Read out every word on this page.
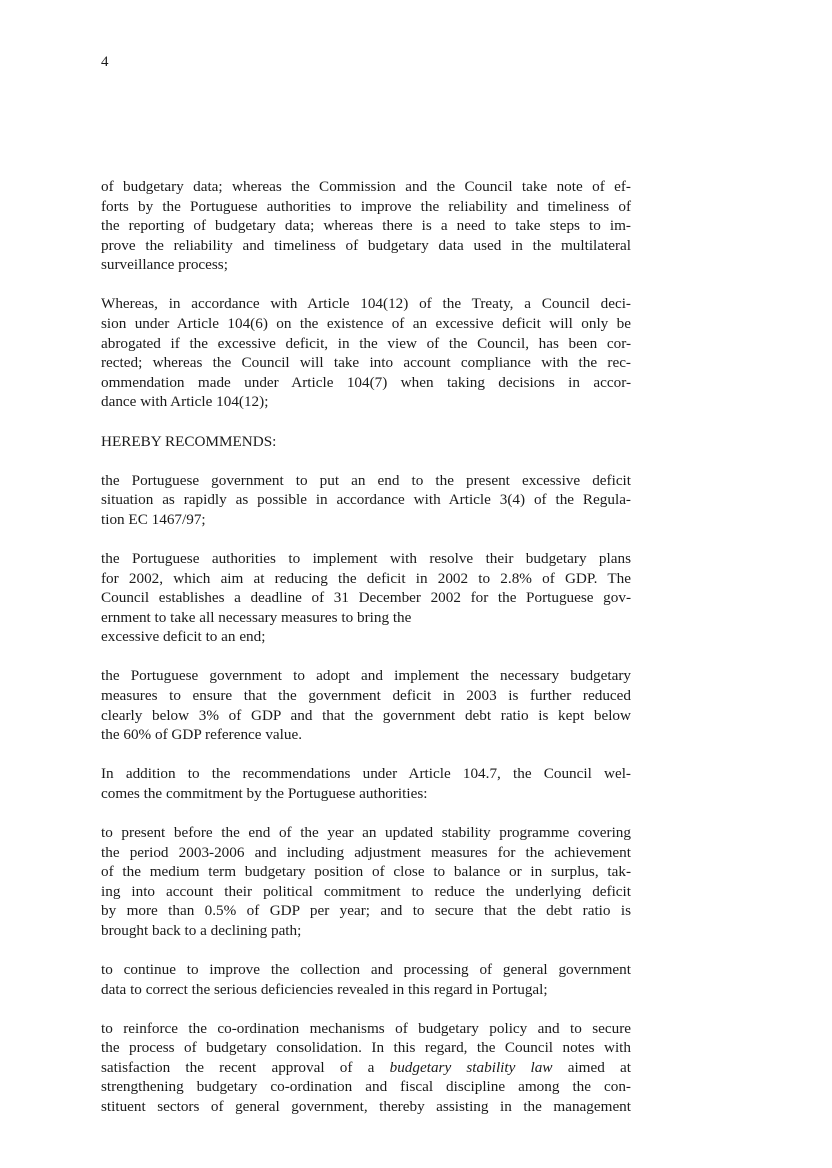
4
of budgetary data; whereas the Commission and the Council take note of ef-
forts by the Portuguese authorities to improve the reliability and timeliness of
the reporting of budgetary data; whereas there is a need to take steps to im-
prove the reliability and timeliness of budgetary data used in the multilateral
surveillance process;
Whereas, in accordance with Article 104(12) of the Treaty, a Council deci-
sion under Article 104(6) on the existence of an excessive deficit will only be
abrogated if the excessive deficit, in the view of the Council, has been cor-
rected; whereas the Council will take into account compliance with the rec-
ommendation made under Article 104(7) when taking decisions in accor-
dance with Article 104(12);
HEREBY RECOMMENDS:
the Portuguese government to put an end to the present excessive deficit
situation as rapidly as possible in accordance with Article 3(4) of the Regula-
tion EC 1467/97;
the Portuguese authorities to implement with resolve their budgetary plans
for 2002, which aim at reducing the deficit in 2002 to 2.8% of GDP. The
Council establishes a deadline of 31 December 2002 for the Portuguese gov-
ernment to take all necessary measures to bring the
excessive deficit to an end;
the Portuguese government to adopt and implement the necessary budgetary
measures to ensure that the government deficit in 2003 is further reduced
clearly below 3% of GDP and that the government debt ratio is kept below
the 60% of GDP reference value.
In addition to the recommendations under Article 104.7, the Council wel-
comes the commitment by the Portuguese authorities:
to present before the end of the year an updated stability programme covering
the period 2003-2006 and including adjustment measures for the achievement
of the medium term budgetary position of close to balance or in surplus, tak-
ing into account their political commitment to reduce the underlying deficit
by more than 0.5% of GDP per year; and to secure that the debt ratio is
brought back to a declining path;
to continue to improve the collection and processing of general government
data to correct the serious deficiencies revealed in this regard in Portugal;
to reinforce the co-ordination mechanisms of budgetary policy and to secure
the process of budgetary consolidation. In this regard, the Council notes with
satisfaction the recent approval of a budgetary stability law aimed at
strengthening budgetary co-ordination and fiscal discipline among the con-
stituent sectors of general government, thereby assisting in the management
